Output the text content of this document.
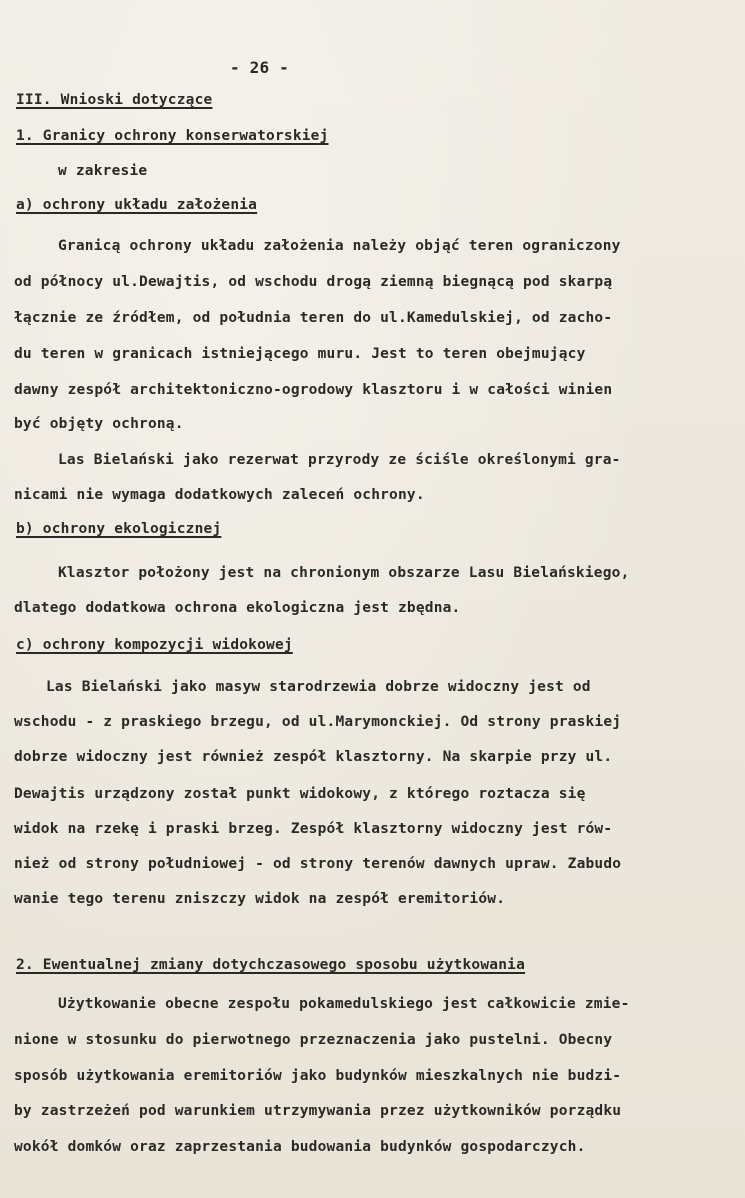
- 26 -
III. Wnioski dotyczące
1. Granicy ochrony konserwatorskiej
w zakresie
a) ochrony układu założenia
Granicą ochrony układu założenia należy objąć teren ograniczony
od północy ul.Dewajtis, od wschodu drogą ziemną biegnącą pod skarpą
łącznie ze źródłem, od południa teren do ul.Kamedulskiej, od zacho-
du teren w granicach istniejącego muru. Jest to teren obejmujący
dawny zespół architektoniczno-ogrodowy klasztoru i w całości winien
być objęty ochroną.
Las Bielański jako rezerwat przyrody ze ściśle określonymi gra-
nicami nie wymaga dodatkowych zaleceń ochrony.
b) ochrony ekologicznej
Klasztor położony jest na chronionym obszarze Lasu Bielańskiego,
dlatego dodatkowa ochrona ekologiczna jest zbędna.
c) ochrony kompozycji widokowej
Las Bielański jako masyw starodrzewia dobrze widoczny jest od
wschodu - z praskiego brzegu, od ul.Marymonckiej. Od strony praskiej
dobrze widoczny jest również zespół klasztorny. Na skarpie przy ul.
Dewajtis urządzony został punkt widokowy, z którego roztacza się
widok na rzekę i praski brzeg. Zespół klasztorny widoczny jest rów-
nież od strony południowej - od strony terenów dawnych upraw. Zabudo
wanie tego terenu zniszczy widok na zespół eremitoriów.
2. Ewentualnej zmiany dotychczasowego sposobu użytkowania
Użytkowanie obecne zespołu pokamedulskiego jest całkowicie zmie-
nione w stosunku do pierwotnego przeznaczenia jako pustelni. Obecny
sposób użytkowania eremitoriów jako budynków mieszkalnych nie budzi-
by zastrzeżeń pod warunkiem utrzymywania przez użytkowników porządku
wokół domków oraz zaprzestania budowania budynków gospodarczych.
